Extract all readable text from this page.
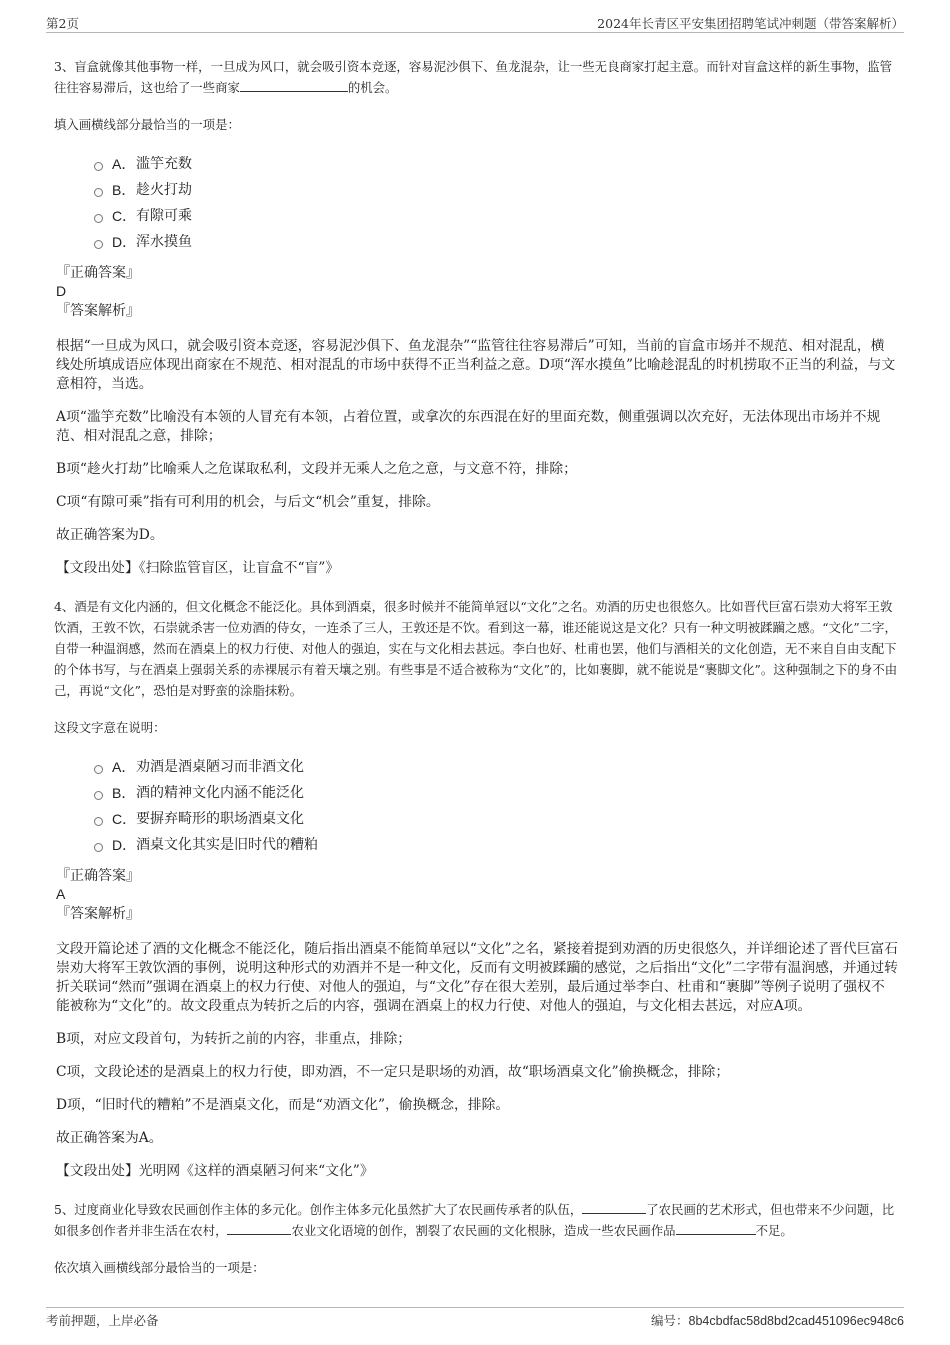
第2页	2024年长青区平安集团招聘笔试冲刺题（带答案解析）

3、盲盒就像其他事物一样，一旦成为风口，就会吸引资本竞逐，容易泥沙俱下、鱼龙混杂，让一些无良商家打起主意。而针对盲盒这样的新生事物，监管往往容易滞后，这也给了一些商家	的机会。

填入画横线部分最恰当的一项是：

A． 滥竽充数
B． 趁火打劫
C． 有隙可乘
D． 浑水摸鱼

『正确答案』

D

『答案解析』

根据“一旦成为风口，就会吸引资本竞逐，容易泥沙俱下、鱼龙混杂”“监管往往容易滞后”可知，当前的盲盒市场并不规范、相对混乱，横线处所填成语应体现出商家在不规范、相对混乱的市场中获得不正当利益之意。D项“浑水摸鱼”比喻趁混乱的时机捞取不正当的利益，与文意相符，当选。

A项“滥竽充数”比喻没有本领的人冒充有本领，占着位置，或拿次的东西混在好的里面充数，侧重强调以次充好，无法体现出市场并不规范、相对混乱之意，排除；

B项“趁火打劫”比喻乘人之危谋取私利，文段并无乘人之危之意，与文意不符，排除；

C项“有隙可乘”指有可利用的机会，与后文“机会”重复，排除。

故正确答案为D。

【文段出处】《扫除监管盲区，让盲盒不“盲”》

4、酒是有文化内涵的，但文化概念不能泛化。具体到酒桌，很多时候并不能简单冠以“文化”之名。劝酒的历史也很悠久。比如晋代巨富石崇劝大将军王敦饮酒，王敦不饮，石崇就杀害一位劝酒的侍女，一连杀了三人，王敦还是不饮。看到这一幕，谁还能说这是文化？只有一种文明被蹂躏之感。“文化”二字，自带一种温润感，然而在酒桌上的权力行使、对他人的强迫，实在与文化相去甚远。李白也好、杜甫也罢，他们与酒相关的文化创造，无不来自自由支配下的个体书写，与在酒桌上强弱关系的赤裸展示有着天壤之别。有些事是不适合被称为“文化”的，比如裹脚，就不能说是“裹脚文化”。这种强制之下的身不由己，再说“文化”，恐怕是对野蛮的涂脂抹粉。

这段文字意在说明：

A． 劝酒是酒桌陋习而非酒文化
B． 酒的精神文化内涵不能泛化
C． 要摒弃畸形的职场酒桌文化
D． 酒桌文化其实是旧时代的糟粕

『正确答案』

A

『答案解析』

文段开篇论述了酒的文化概念不能泛化，随后指出酒桌不能简单冠以“文化”之名，紧接着提到劝酒的历史很悠久，并详细论述了晋代巨富石崇劝大将军王敦饮酒的事例，说明这种形式的劝酒并不是一种文化，反而有文明被蹂躏的感觉，之后指出“文化”二字带有温润感，并通过转折关联词“然而”强调在酒桌上的权力行使、对他人的强迫，与“文化”存在很大差别，最后通过举李白、杜甫和“裹脚”等例子说明了强权不能被称为“文化”的。故文段重点为转折之后的内容，强调在酒桌上的权力行使、对他人的强迫，与文化相去甚远，对应A项。

B项，对应文段首句，为转折之前的内容，非重点，排除；

C项，文段论述的是酒桌上的权力行使，即劝酒，不一定只是职场的劝酒，故“职场酒桌文化”偷换概念，排除；

D项，“旧时代的糟粕”不是酒桌文化，而是“劝酒文化”，偷换概念，排除。

故正确答案为A。

【文段出处】光明网《这样的酒桌陋习何来“文化”》

5、过度商业化导致农民画创作主体的多元化。创作主体多元化虽然扩大了农民画传承者的队伍，	了农民画的艺术形式，但也带来不少问题，比如很多创作者并非生活在农村，	农业文化语境的创作，割裂了农民画的文化根脉，造成一些农民画作品	不足。

依次填入画横线部分最恰当的一项是：

考前押题，上岸必备	编号：8b4cbdfac58d8bd2cad451096ec948c6
